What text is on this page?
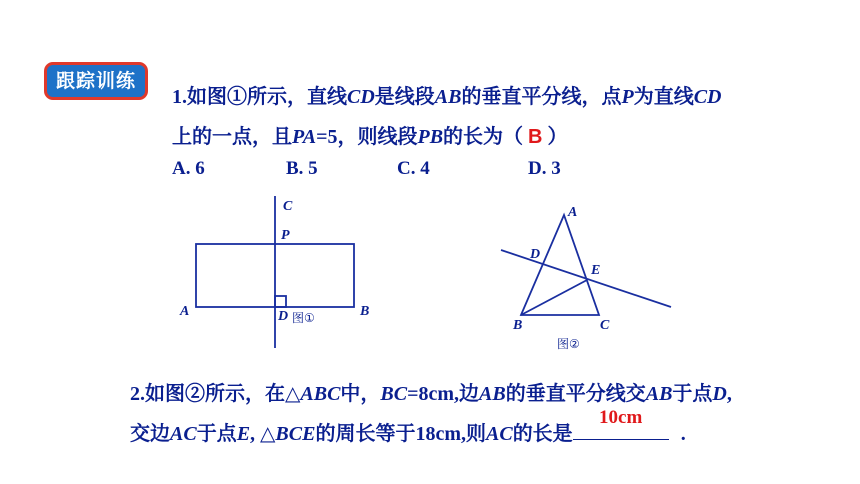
跟踪训练
1.如图①所示，直线CD是线段AB的垂直平分线，点P为直线CD
上的一点，且PA=5，则线段PB的长为（ B ）
A. 6	B. 5	C. 4	D. 3
C
P
A	B
D 图①
A
D
E
B	C
图②
2.如图②所示，在△ABC中，BC=8cm,边AB的垂直平分线交AB于点D,
交边AC于点E, △BCE的周长等于18cm,则AC的长是
10cm
.
